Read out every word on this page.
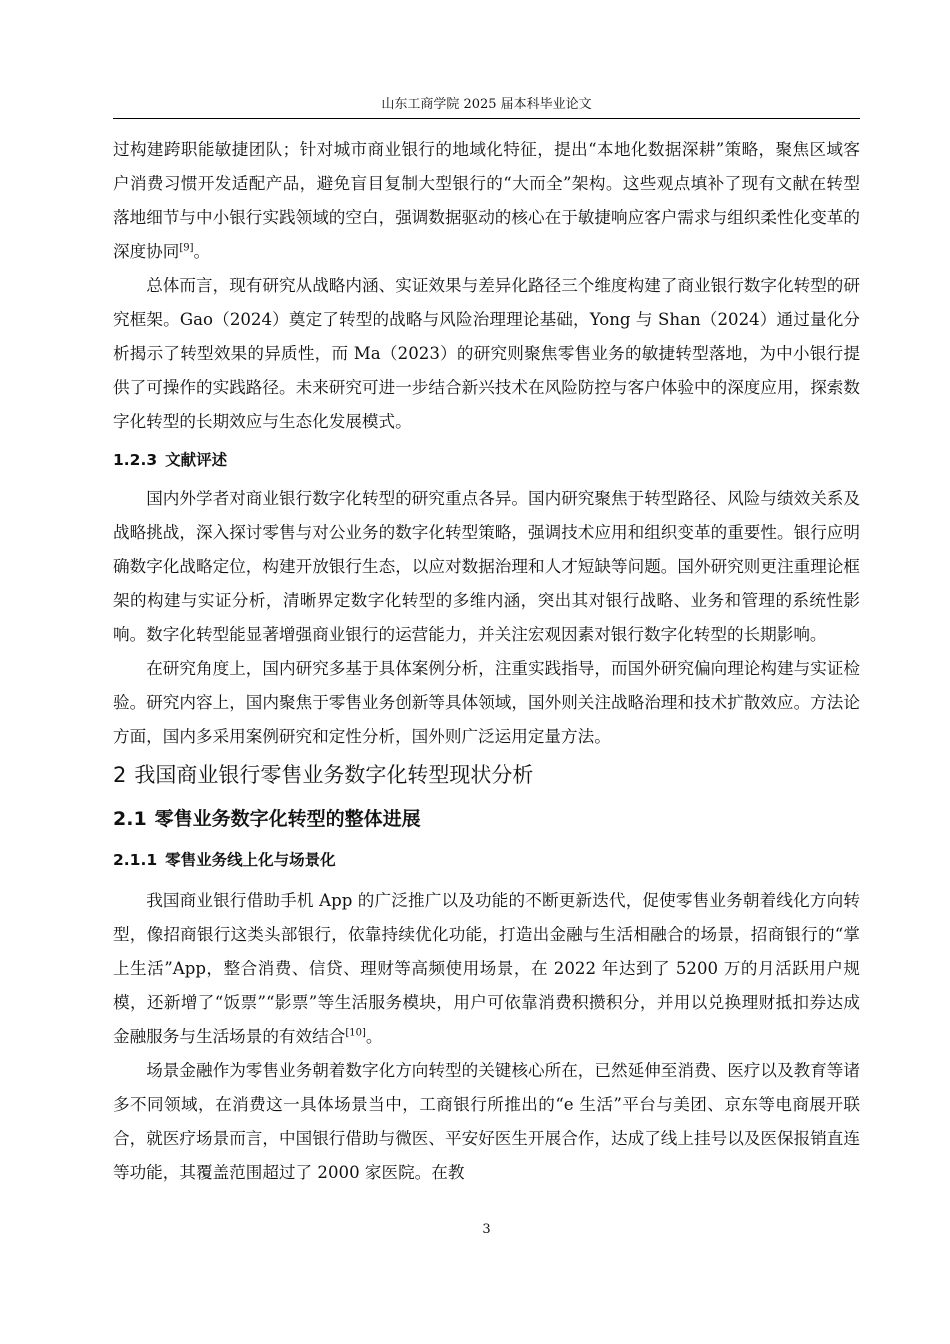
山东工商学院 2025 届本科毕业论文

过构建跨职能敏捷团队；针对城市商业银行的地域化特征，提出“本地化数据深耕”策略，聚焦区域客户消费习惯开发适配产品，避免盲目复制大型银行的“大而全”架构。这些观点填补了现有文献在转型落地细节与中小银行实践领域的空白，强调数据驱动的核心在于敏捷响应客户需求与组织柔性化变革的深度协同[9]。

总体而言，现有研究从战略内涵、实证效果与差异化路径三个维度构建了商业银行数字化转型的研究框架。Gao（2024）奠定了转型的战略与风险治理理论基础，Yong 与 Shan（2024）通过量化分析揭示了转型效果的异质性，而 Ma（2023）的研究则聚焦零售业务的敏捷转型落地，为中小银行提供了可操作的实践路径。未来研究可进一步结合新兴技术在风险防控与客户体验中的深度应用，探索数字化转型的长期效应与生态化发展模式。

1.2.3 文献评述

国内外学者对商业银行数字化转型的研究重点各异。国内研究聚焦于转型路径、风险与绩效关系及战略挑战，深入探讨零售与对公业务的数字化转型策略，强调技术应用和组织变革的重要性。银行应明确数字化战略定位，构建开放银行生态，以应对数据治理和人才短缺等问题。国外研究则更注重理论框架的构建与实证分析，清晰界定数字化转型的多维内涵，突出其对银行战略、业务和管理的系统性影响。数字化转型能显著增强商业银行的运营能力，并关注宏观因素对银行数字化转型的长期影响。

在研究角度上，国内研究多基于具体案例分析，注重实践指导，而国外研究偏向理论构建与实证检验。研究内容上，国内聚焦于零售业务创新等具体领域，国外则关注战略治理和技术扩散效应。方法论方面，国内多采用案例研究和定性分析，国外则广泛运用定量方法。

2 我国商业银行零售业务数字化转型现状分析
2.1 零售业务数字化转型的整体进展
2.1.1 零售业务线上化与场景化

我国商业银行借助手机 App 的广泛推广以及功能的不断更新迭代，促使零售业务朝着线化方向转型，像招商银行这类头部银行，依靠持续优化功能，打造出金融与生活相融合的场景，招商银行的“掌上生活”App，整合消费、信贷、理财等高频使用场景，在 2022 年达到了 5200 万的月活跃用户规模，还新增了“饭票”“影票”等生活服务模块，用户可依靠消费积攒积分，并用以兑换理财抵扣券达成金融服务与生活场景的有效结合[10]。

场景金融作为零售业务朝着数字化方向转型的关键核心所在，已然延伸至消费、医疗以及教育等诸多不同领域，在消费这一具体场景当中，工商银行所推出的“e 生活”平台与美团、京东等电商展开联合，就医疗场景而言，中国银行借助与微医、平安好医生开展合作，达成了线上挂号以及医保报销直连等功能，其覆盖范围超过了 2000 家医院。在教

3
